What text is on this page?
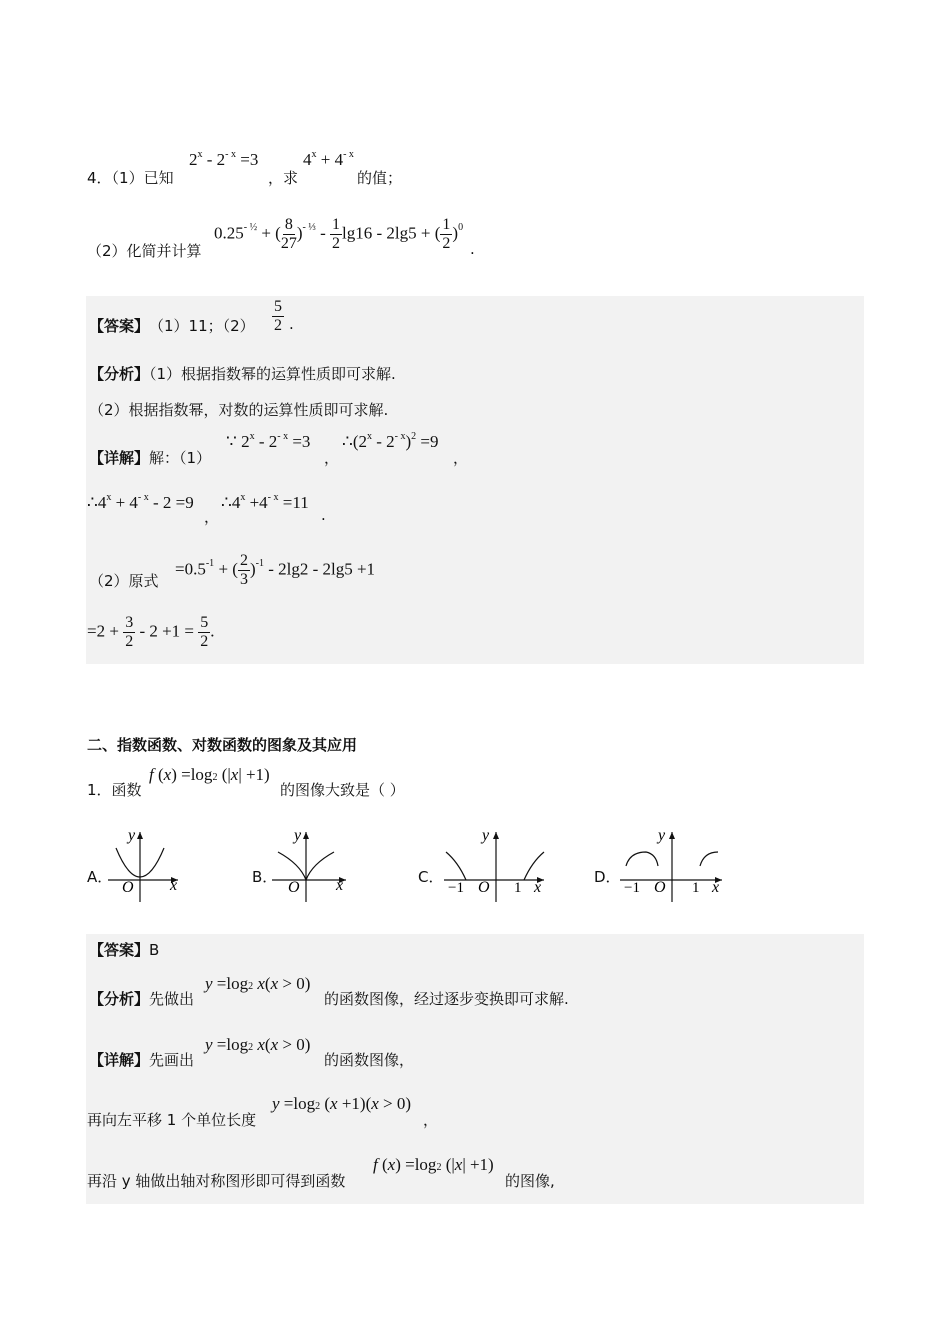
4．（1）已知
$2^x - 2^{- x} =3$
，求
$4^x + 4^{- x}$
的值；
（2）化简并计算
$0.25^{- \frac{1}{2}}$ + ( $\frac{8}{27} )^{- \frac{1}{3}} - \frac{1}{2} \lg 16 - 2\lg 5$ + ( $\frac{1}{2} )^0$
.
【答案】 （1）11；$(2) \frac{5}{2}$ .
【分析】（1）根据指数幂的运算性质即可求解.
（2）根据指数幂，对数的运算性质即可求解.
【详解】 解：（1）
∵ $2^x - 2^{- x} =3$
，
∴(2$^x$ - $2^{- x})^2 =9$
，
$\therefore 4^x + 4^{- x} - 2 =9$
，
$\therefore 4^x +4^{- x} =11$
.
（2）原式
$=0.5^{-1}$ + ( $\frac{2}{3} )^{-1} - 2\lg 2 - 2\lg 5 +1$
$=2 + \frac{3}{2} - 2 +1 = \frac{5}{2}$ .
二、指数函数、对数函数的图象及其应用
1．函数
f (x) =log2 (|x| +1)
的图像大致是（ ）
A．
y
O x	B．
y
O x	C．
y
−1 O 1 x
D．
y
−1 O 1 x
【答案】B
【分析】 先做出
y =log2 x(x > 0)
的函数图像，经过逐步变换即可求解.
【详解】 先画出
y =log2 x(x > 0)
的函数图像，
再向左平移 1 个单位长度
y =log2 (x +1)(x > 0)
，
再沿 y 轴做出轴对称图形即可得到函数
f (x) =log2 (|x| +1)
的图像,
